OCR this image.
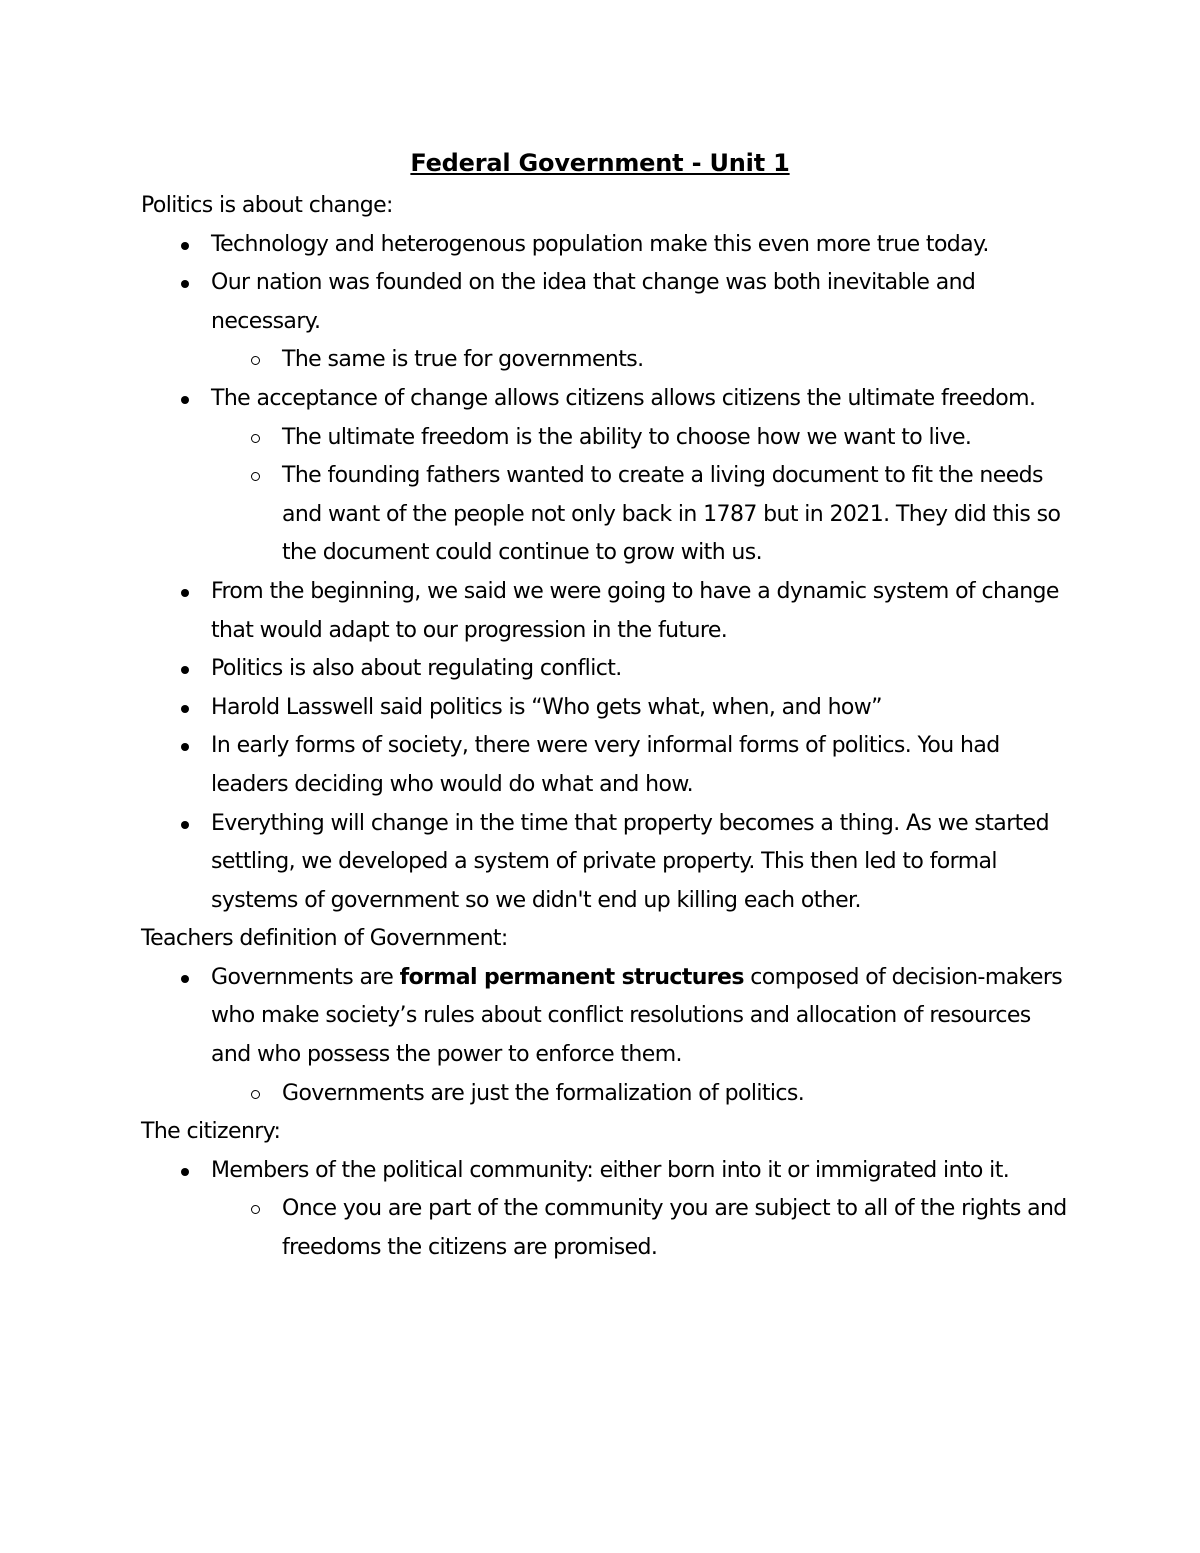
Federal Government - Unit 1
Politics is about change:
Technology and heterogenous population make this even more true today.
Our nation was founded on the idea that change was both inevitable and necessary.
The same is true for governments.
The acceptance of change allows citizens allows citizens the ultimate freedom.
The ultimate freedom is the ability to choose how we want to live.
The founding fathers wanted to create a living document to fit the needs and want of the people not only back in 1787 but in 2021. They did this so the document could continue to grow with us.
From the beginning, we said we were going to have a dynamic system of change that would adapt to our progression in the future.
Politics is also about regulating conflict.
Harold Lasswell said politics is “Who gets what, when, and how”
In early forms of society, there were very informal forms of politics. You had leaders deciding who would do what and how.
Everything will change in the time that property becomes a thing. As we started settling, we developed a system of private property. This then led to formal systems of government so we didn't end up killing each other.
Teachers definition of Government:
Governments are formal permanent structures composed of decision-makers who make society’s rules about conflict resolutions and allocation of resources and who possess the power to enforce them.
Governments are just the formalization of politics.
The citizenry:
Members of the political community: either born into it or immigrated into it.
Once you are part of the community you are subject to all of the rights and freedoms the citizens are promised.
